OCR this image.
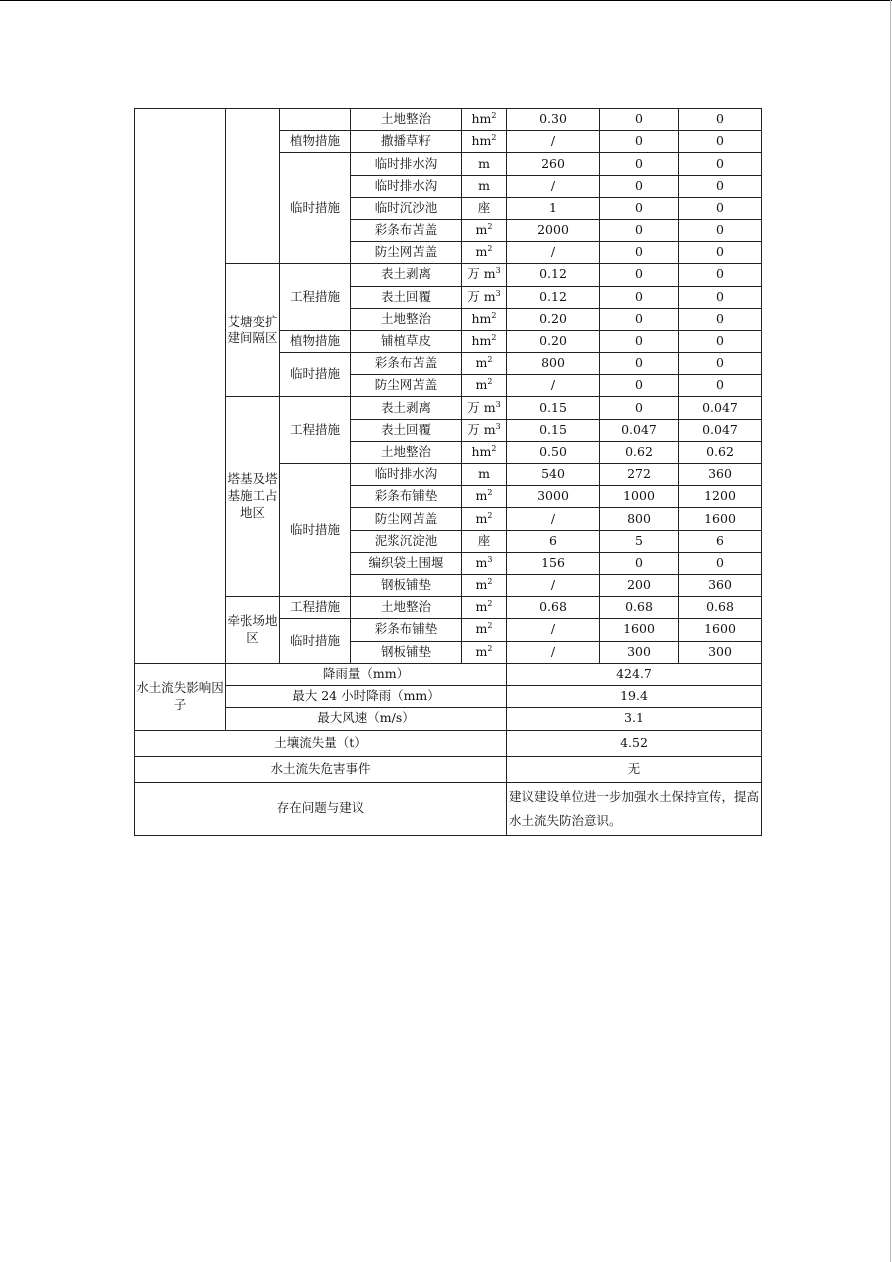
			土地整治	$hm^2$	0.30	0	0
		植物措施	撒播草籽	$hm^2$	/	0	0
		临时措施	临时排水沟	m	260	0	0
			临时排水沟	m	/	0	0
			临时沉沙池	座	1	0	0
			彩条布苫盖	$m^2$	2000	0	0
			防尘网苫盖	$m^2$	/	0	0
	艾塘变扩建间隔区	工程措施	表土剥离	万 $m^3$	0.12	0	0
			表土回覆	万 $m^3$	0.12	0	0
			土地整治	$hm^2$	0.20	0	0
		植物措施	铺植草皮	$hm^2$	0.20	0	0
		临时措施	彩条布苫盖	$m^2$	800	0	0
			防尘网苫盖	$m^2$	/	0	0
	塔基及塔基施工占地区	工程措施	表土剥离	万 $m^3$	0.15	0	0.047
			表土回覆	万 $m^3$	0.15	0.047	0.047
			土地整治	$hm^2$	0.50	0.62	0.62
		临时措施	临时排水沟	m	540	272	360
			彩条布铺垫	$m^2$	3000	1000	1200
			防尘网苫盖	$m^2$	/	800	1600
			泥浆沉淀池	座	6	5	6
			编织袋土围堰	$m^3$	156	0	0
			钢板铺垫	$m^2$	/	200	360
	牵张场地区	工程措施	土地整治	$m^2$	0.68	0.68	0.68
		临时措施	彩条布铺垫	$m^2$	/	1600	1600
			钢板铺垫	$m^2$	/	300	300
水土流失影响因子	降雨量（mm）				424.7		
	最大 24 小时降雨（mm）				19.4		
	最大风速（m/s）				3.1		
土壤流失量（t）					4.52		
水土流失危害事件					无		
存在问题与建议					建议建设单位进一步加强水土保持宣传，提高水土流失防治意识。		
